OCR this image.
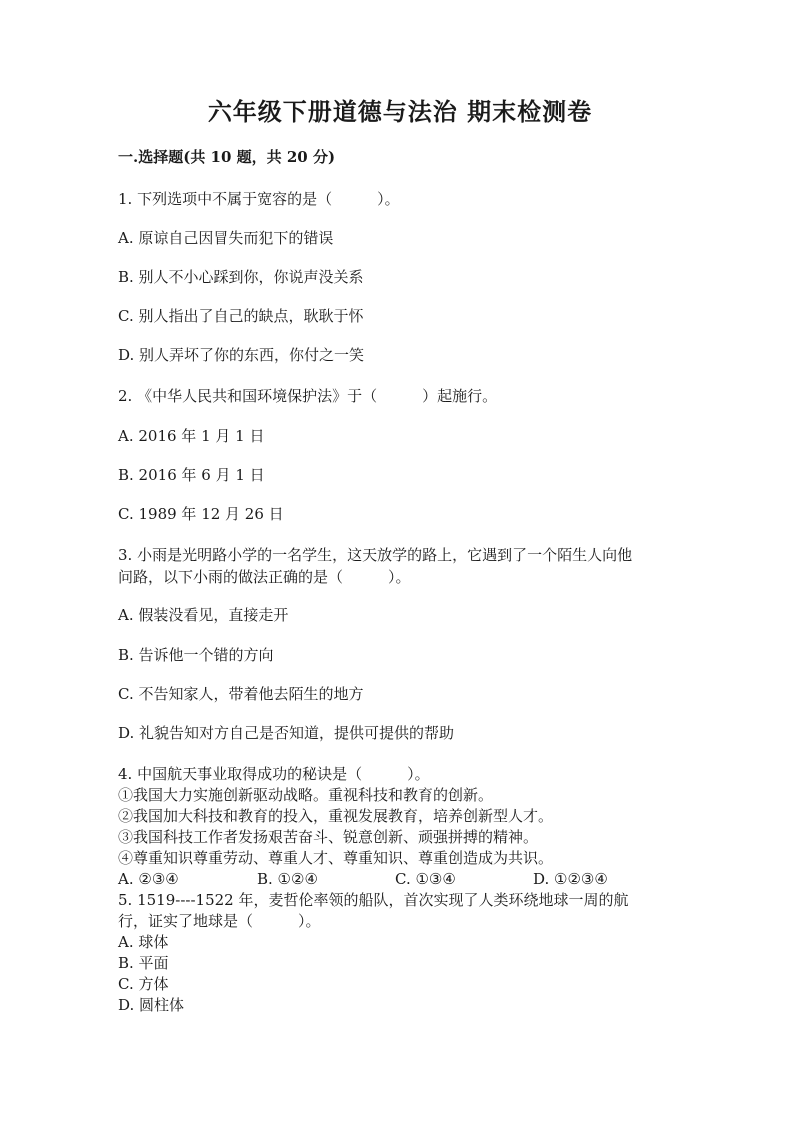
六年级下册道德与法治 期末检测卷
一.选择题(共 10 题，共 20 分)
1. 下列选项中不属于宽容的是（　　　）。
A. 原谅自己因冒失而犯下的错误
B. 别人不小心踩到你，你说声没关系
C. 别人指出了自己的缺点，耿耿于怀
D. 别人弄坏了你的东西，你付之一笑
2. 《中华人民共和国环境保护法》于（　　　）起施行。
A. 2016 年 1 月 1 日
B. 2016 年 6 月 1 日
C. 1989 年 12 月 26 日
3. 小雨是光明路小学的一名学生，这天放学的路上，它遇到了一个陌生人向他
问路，以下小雨的做法正确的是（　　　）。
A. 假装没看见，直接走开
B. 告诉他一个错的方向
C. 不告知家人，带着他去陌生的地方
D. 礼貌告知对方自己是否知道，提供可提供的帮助
4. 中国航天事业取得成功的秘诀是（　　　）。
①我国大力实施创新驱动战略。重视科技和教育的创新。
②我国加大科技和教育的投入，重视发展教育，培养创新型人才。
③我国科技工作者发扬艰苦奋斗、锐意创新、顽强拼搏的精神。
④尊重知识尊重劳动、尊重人才、尊重知识、尊重创造成为共识。
A. ②③④	B. ①②④	C. ①③④	D. ①②③④
5. 1519----1522 年，麦哲伦率领的船队，首次实现了人类环绕地球一周的航
行，证实了地球是（　　　）。
A. 球体
B. 平面
C. 方体
D. 圆柱体
